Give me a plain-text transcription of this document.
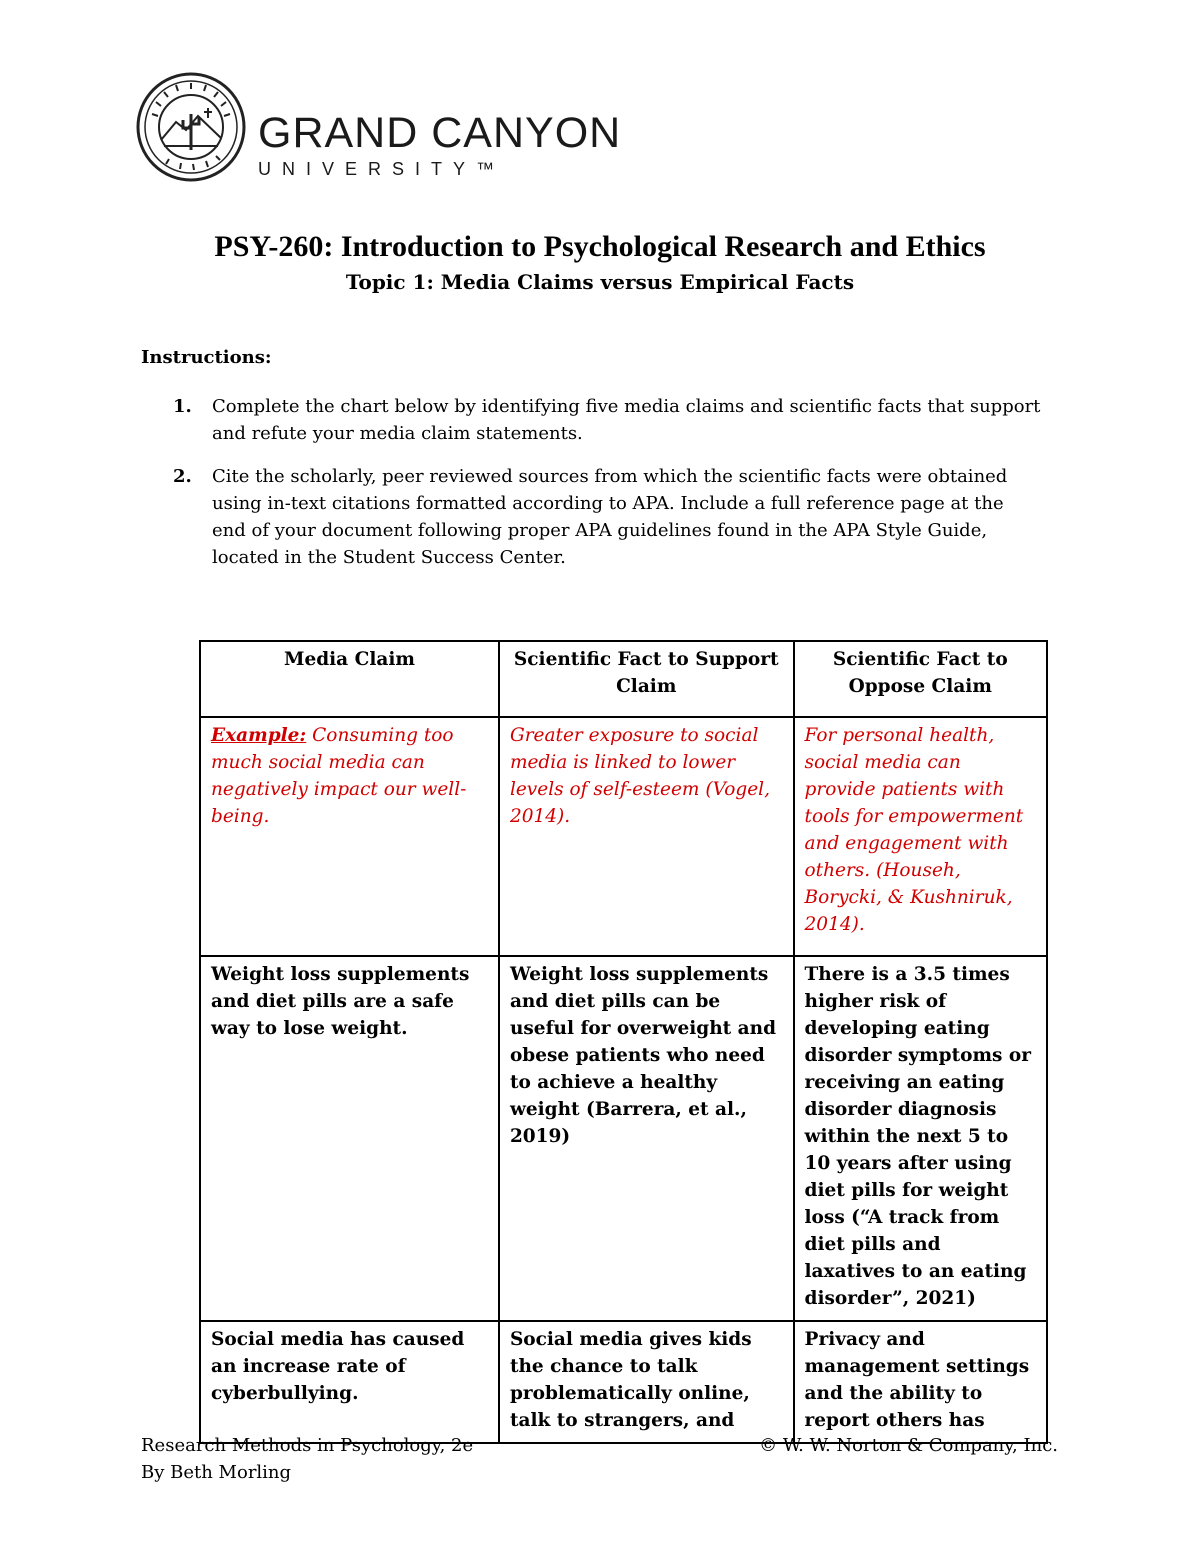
GRAND CANYON
UNIVERSITY™
PSY-260: Introduction to Psychological Research and Ethics
Topic 1: Media Claims versus Empirical Facts
Instructions:
1. Complete the chart below by identifying five media claims and scientific facts that support and refute your media claim statements.
2. Cite the scholarly, peer reviewed sources from which the scientific facts were obtained using in-text citations formatted according to APA. Include a full reference page at the end of your document following proper APA guidelines found in the APA Style Guide, located in the Student Success Center.
Media Claim	Scientific Fact to Support Claim	Scientific Fact to Oppose Claim
Example: Consuming too much social media can negatively impact our well-being.	Greater exposure to social media is linked to lower levels of self-esteem (Vogel, 2014).	For personal health, social media can provide patients with tools for empowerment and engagement with others. (Househ, Borycki, & Kushniruk, 2014).
Weight loss supplements and diet pills are a safe way to lose weight.	Weight loss supplements and diet pills can be useful for overweight and obese patients who need to achieve a healthy weight (Barrera, et al., 2019)	There is a 3.5 times higher risk of developing eating disorder symptoms or receiving an eating disorder diagnosis within the next 5 to 10 years after using diet pills for weight loss (“A track from diet pills and laxatives to an eating disorder”, 2021)
Social media has caused an increase rate of cyberbullying.	Social media gives kids the chance to talk problematically online, talk to strangers, and	Privacy and management settings and the ability to report others has
Research Methods in Psychology, 2e
By Beth Morling
© W. W. Norton & Company, Inc.
